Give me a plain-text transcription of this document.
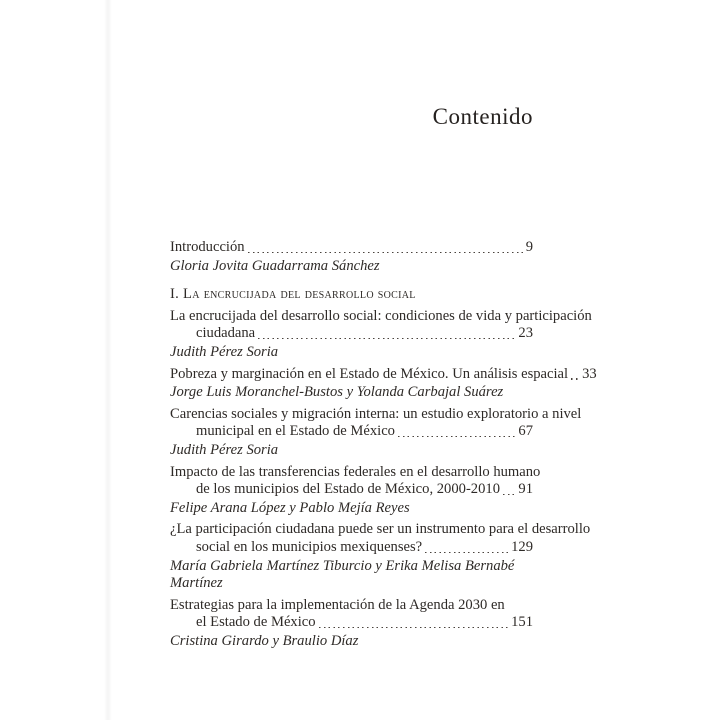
Contenido
Introducción	9
Gloria Jovita Guadarrama Sánchez
I. La encrucijada del desarrollo social
La encrucijada del desarrollo social: condiciones de vida y participación
ciudadana	23
Judith Pérez Soria
Pobreza y marginación en el Estado de México. Un análisis espacial 33
Jorge Luis Moranchel-Bustos y Yolanda Carbajal Suárez
Carencias sociales y migración interna: un estudio exploratorio a nivel
municipal en el Estado de México	67
Judith Pérez Soria
Impacto de las transferencias federales en el desarrollo humano
de los municipios del Estado de México, 2000-2010 91
Felipe Arana López y Pablo Mejía Reyes
¿La participación ciudadana puede ser un instrumento para el desarrollo
social en los municipios mexiquenses?	129
María Gabriela Martínez Tiburcio y Erika Melisa Bernabé Martínez
Estrategias para la implementación de la Agenda 2030 en
el Estado de México	151
Cristina Girardo y Braulio Díaz
